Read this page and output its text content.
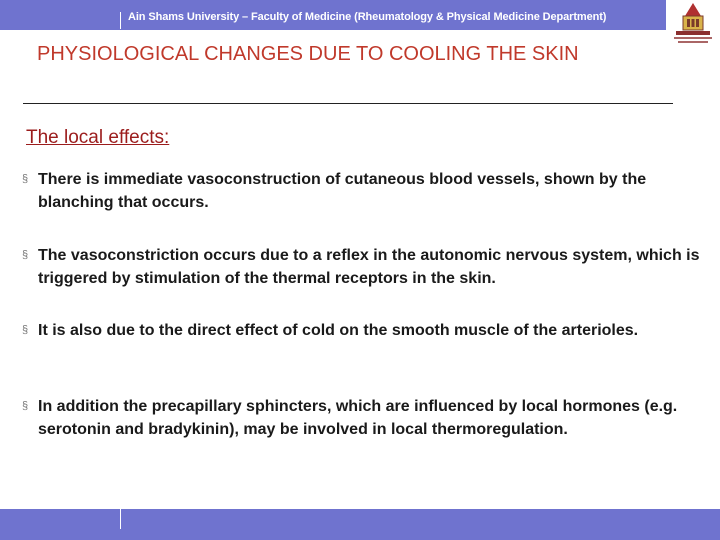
Ain Shams University – Faculty of Medicine (Rheumatology & Physical Medicine Department)
PHYSIOLOGICAL CHANGES DUE TO COOLING THE SKIN
The local effects:
§ There is immediate vasoconstruction of cutaneous blood vessels, shown by the blanching that occurs.
§ The vasoconstriction occurs due to a reflex in the autonomic nervous system, which is triggered by stimulation of the thermal receptors in the skin.
§ It is also due to the direct effect of cold on the smooth muscle of the arterioles.
§ In addition the precapillary sphincters, which are influenced by local hormones (e.g. serotonin and bradykinin), may be involved in local thermoregulation.
